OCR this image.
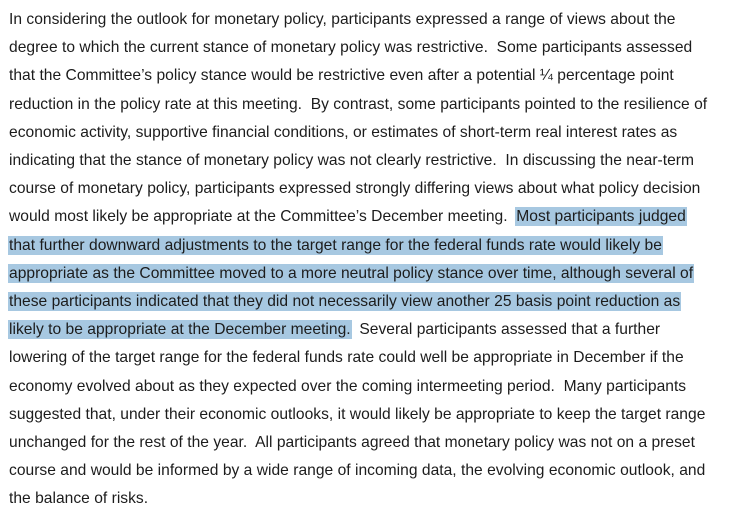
In considering the outlook for monetary policy, participants expressed a range of views about the
degree to which the current stance of monetary policy was restrictive.  Some participants assessed
that the Committee’s policy stance would be restrictive even after a potential ¼ percentage point
reduction in the policy rate at this meeting.  By contrast, some participants pointed to the resilience of
economic activity, supportive financial conditions, or estimates of short-term real interest rates as
indicating that the stance of monetary policy was not clearly restrictive.  In discussing the near-term
course of monetary policy, participants expressed strongly differing views about what policy decision
would most likely be appropriate at the Committee’s December meeting.  Most participants judged
that further downward adjustments to the target range for the federal funds rate would likely be
appropriate as the Committee moved to a more neutral policy stance over time, although several of
these participants indicated that they did not necessarily view another 25 basis point reduction as
likely to be appropriate at the December meeting.  Several participants assessed that a further
lowering of the target range for the federal funds rate could well be appropriate in December if the
economy evolved about as they expected over the coming intermeeting period.  Many participants
suggested that, under their economic outlooks, it would likely be appropriate to keep the target range
unchanged for the rest of the year.  All participants agreed that monetary policy was not on a preset
course and would be informed by a wide range of incoming data, the evolving economic outlook, and
the balance of risks.
